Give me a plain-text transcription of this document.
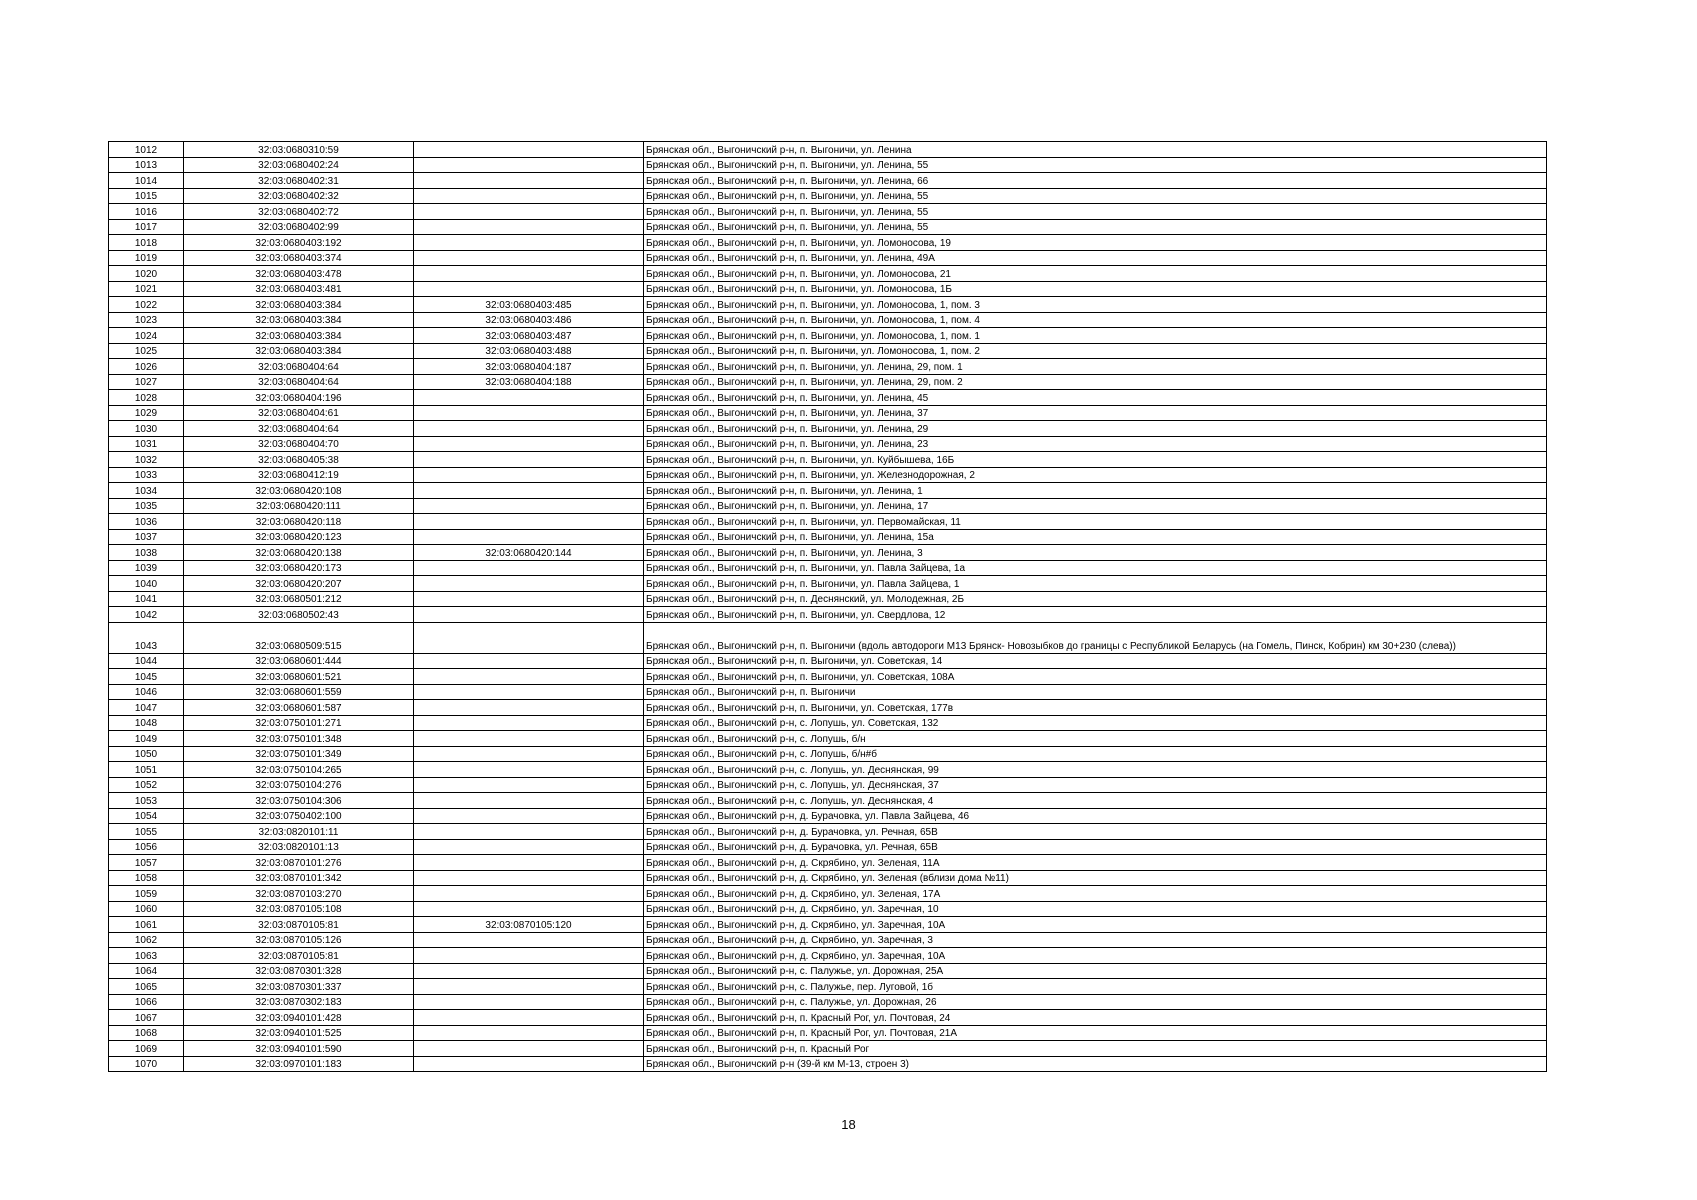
1012	32:03:0680310:59		Брянская обл., Выгоничский р-н, п. Выгоничи, ул. Ленина
1013	32:03:0680402:24		Брянская обл., Выгоничский р-н, п. Выгоничи, ул. Ленина, 55
1014	32:03:0680402:31		Брянская обл., Выгоничский р-н, п. Выгоничи, ул. Ленина, 66
1015	32:03:0680402:32		Брянская обл., Выгоничский р-н, п. Выгоничи, ул. Ленина, 55
1016	32:03:0680402:72		Брянская обл., Выгоничский р-н, п. Выгоничи, ул. Ленина, 55
1017	32:03:0680402:99		Брянская обл., Выгоничский р-н, п. Выгоничи, ул. Ленина, 55
1018	32:03:0680403:192		Брянская обл., Выгоничский р-н, п. Выгоничи, ул. Ломоносова, 19
1019	32:03:0680403:374		Брянская обл., Выгоничский р-н, п. Выгоничи, ул. Ленина, 49А
1020	32:03:0680403:478		Брянская обл., Выгоничский р-н, п. Выгоничи, ул. Ломоносова, 21
1021	32:03:0680403:481		Брянская обл., Выгоничский р-н, п. Выгоничи, ул. Ломоносова, 1Б
1022	32:03:0680403:384	32:03:0680403:485	Брянская обл., Выгоничский р-н, п. Выгоничи, ул. Ломоносова, 1, пом. 3
1023	32:03:0680403:384	32:03:0680403:486	Брянская обл., Выгоничский р-н, п. Выгоничи, ул. Ломоносова, 1, пом. 4
1024	32:03:0680403:384	32:03:0680403:487	Брянская обл., Выгоничский р-н, п. Выгоничи, ул. Ломоносова, 1, пом. 1
1025	32:03:0680403:384	32:03:0680403:488	Брянская обл., Выгоничский р-н, п. Выгоничи, ул. Ломоносова, 1, пом. 2
1026	32:03:0680404:64	32:03:0680404:187	Брянская обл., Выгоничский р-н, п. Выгоничи, ул. Ленина, 29, пом. 1
1027	32:03:0680404:64	32:03:0680404:188	Брянская обл., Выгоничский р-н, п. Выгоничи, ул. Ленина, 29, пом. 2
1028	32:03:0680404:196		Брянская обл., Выгоничский р-н, п. Выгоничи, ул. Ленина, 45
1029	32:03:0680404:61		Брянская обл., Выгоничский р-н, п. Выгоничи, ул. Ленина, 37
1030	32:03:0680404:64		Брянская обл., Выгоничский р-н, п. Выгоничи, ул. Ленина, 29
1031	32:03:0680404:70		Брянская обл., Выгоничский р-н, п. Выгоничи, ул. Ленина, 23
1032	32:03:0680405:38		Брянская обл., Выгоничский р-н, п. Выгоничи, ул. Куйбышева, 16Б
1033	32:03:0680412:19		Брянская обл., Выгоничский р-н, п. Выгоничи, ул. Железнодорожная, 2
1034	32:03:0680420:108		Брянская обл., Выгоничский р-н, п. Выгоничи, ул. Ленина, 1
1035	32:03:0680420:111		Брянская обл., Выгоничский р-н, п. Выгоничи, ул. Ленина, 17
1036	32:03:0680420:118		Брянская обл., Выгоничский р-н, п. Выгоничи, ул. Первомайская, 11
1037	32:03:0680420:123		Брянская обл., Выгоничский р-н, п. Выгоничи, ул. Ленина, 15а
1038	32:03:0680420:138	32:03:0680420:144	Брянская обл., Выгоничский р-н, п. Выгоничи, ул. Ленина, 3
1039	32:03:0680420:173		Брянская обл., Выгоничский р-н, п. Выгоничи, ул. Павла Зайцева, 1а
1040	32:03:0680420:207		Брянская обл., Выгоничский р-н, п. Выгоничи, ул. Павла Зайцева, 1
1041	32:03:0680501:212		Брянская обл., Выгоничский р-н, п. Деснянский, ул. Молодежная, 2Б
1042	32:03:0680502:43		Брянская обл., Выгоничский р-н, п. Выгоничи, ул. Свердлова, 12
1043	32:03:0680509:515		Брянская обл., Выгоничский р-н, п. Выгоничи (вдоль автодороги М13 Брянск- Новозыбков до границы с Республикой Беларусь (на Гомель, Пинск, Кобрин) км 30+230 (слева))
1044	32:03:0680601:444		Брянская обл., Выгоничский р-н, п. Выгоничи, ул. Советская, 14
1045	32:03:0680601:521		Брянская обл., Выгоничский р-н, п. Выгоничи, ул. Советская, 108А
1046	32:03:0680601:559		Брянская обл., Выгоничский р-н, п. Выгоничи
1047	32:03:0680601:587		Брянская обл., Выгоничский р-н, п. Выгоничи, ул. Советская, 177в
1048	32:03:0750101:271		Брянская обл., Выгоничский р-н, с. Лопушь, ул. Советская, 132
1049	32:03:0750101:348		Брянская обл., Выгоничский р-н, с. Лопушь, б/н
1050	32:03:0750101:349		Брянская обл., Выгоничский р-н, с. Лопушь, б/н#б
1051	32:03:0750104:265		Брянская обл., Выгоничский р-н, с. Лопушь, ул. Деснянская, 99
1052	32:03:0750104:276		Брянская обл., Выгоничский р-н, с. Лопушь, ул. Деснянская, 37
1053	32:03:0750104:306		Брянская обл., Выгоничский р-н, с. Лопушь, ул. Деснянская, 4
1054	32:03:0750402:100		Брянская обл., Выгоничский р-н, д. Бурачовка, ул. Павла Зайцева, 46
1055	32:03:0820101:11		Брянская обл., Выгоничский р-н, д. Бурачовка, ул. Речная, 65В
1056	32:03:0820101:13		Брянская обл., Выгоничский р-н, д. Бурачовка, ул. Речная, 65В
1057	32:03:0870101:276		Брянская обл., Выгоничский р-н, д. Скрябино, ул. Зеленая, 11А
1058	32:03:0870101:342		Брянская обл., Выгоничский р-н, д. Скрябино, ул. Зеленая (вблизи дома №11)
1059	32:03:0870103:270		Брянская обл., Выгоничский р-н, д. Скрябино, ул. Зеленая, 17А
1060	32:03:0870105:108		Брянская обл., Выгоничский р-н, д. Скрябино, ул. Заречная, 10
1061	32:03:0870105:81	32:03:0870105:120	Брянская обл., Выгоничский р-н, д. Скрябино, ул. Заречная, 10А
1062	32:03:0870105:126		Брянская обл., Выгоничский р-н, д. Скрябино, ул. Заречная, 3
1063	32:03:0870105:81		Брянская обл., Выгоничский р-н, д. Скрябино, ул. Заречная, 10А
1064	32:03:0870301:328		Брянская обл., Выгоничский р-н, с. Палужье, ул. Дорожная, 25А
1065	32:03:0870301:337		Брянская обл., Выгоничский р-н, с. Палужье, пер. Луговой, 1б
1066	32:03:0870302:183		Брянская обл., Выгоничский р-н, с. Палужье, ул. Дорожная, 26
1067	32:03:0940101:428		Брянская обл., Выгоничский р-н, п. Красный Рог, ул. Почтовая, 24
1068	32:03:0940101:525		Брянская обл., Выгоничский р-н, п. Красный Рог, ул. Почтовая, 21А
1069	32:03:0940101:590		Брянская обл., Выгоничский р-н, п. Красный Рог
1070	32:03:0970101:183		Брянская обл., Выгоничский р-н (39-й км М-13, строен 3)
18
